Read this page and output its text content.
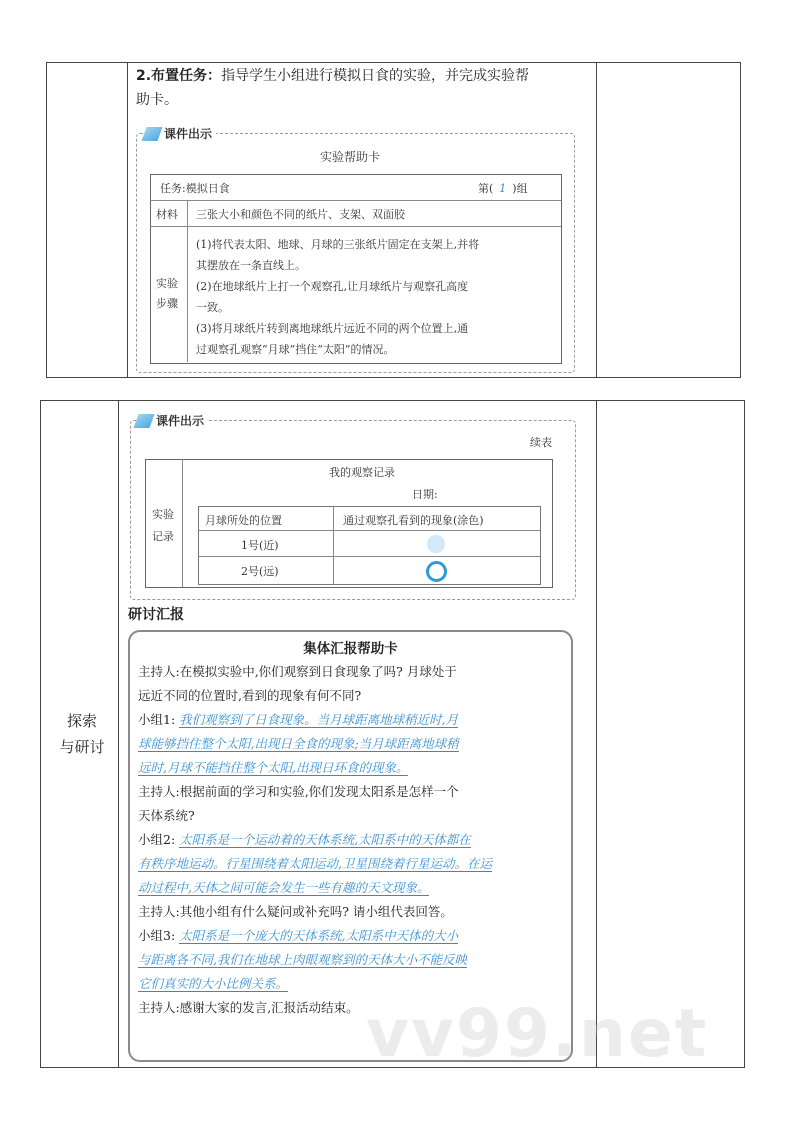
2.布置任务：指导学生小组进行模拟日食的实验，并完成实验帮
助卡。
课件出示
实验帮助卡
任务:模拟日食	第( 1 )组
材料 三张大小和颜色不同的纸片、支架、双面胶
实验
步骤
(1)将代表太阳、地球、月球的三张纸片固定在支架上,并将
其摆放在一条直线上。
(2)在地球纸片上打一个观察孔,让月球纸片与观察孔高度
一致。
(3)将月球纸片转到离地球纸片远近不同的两个位置上,通
过观察孔观察“月球”挡住“太阳”的情况。
探索
与研讨
课件出示
续表
我的观察记录
日期:
实验
记录
月球所处的位置	通过观察孔看到的现象(涂色)
1号(近)
2号(远)
研讨汇报
集体汇报帮助卡
主持人:在模拟实验中,你们观察到日食现象了吗? 月球处于
远近不同的位置时,看到的现象有何不同?
小组1: 我们观察到了日食现象。当月球距离地球稍近时,月
球能够挡住整个太阳,出现日全食的现象;当月球距离地球稍
远时,月球不能挡住整个太阳,出现日环食的现象。
主持人:根据前面的学习和实验,你们发现太阳系是怎样一个
天体系统?
小组2: 太阳系是一个运动着的天体系统,太阳系中的天体都在
有秩序地运动。行星围绕着太阳运动,卫星围绕着行星运动。在运
动过程中,天体之间可能会发生一些有趣的天文现象。
主持人:其他小组有什么疑问或补充吗? 请小组代表回答。
小组3: 太阳系是一个庞大的天体系统,太阳系中天体的大小
与距离各不同,我们在地球上肉眼观察到的天体大小不能反映
它们真实的大小比例关系。
主持人:感谢大家的发言,汇报活动结束。 vv99.net
